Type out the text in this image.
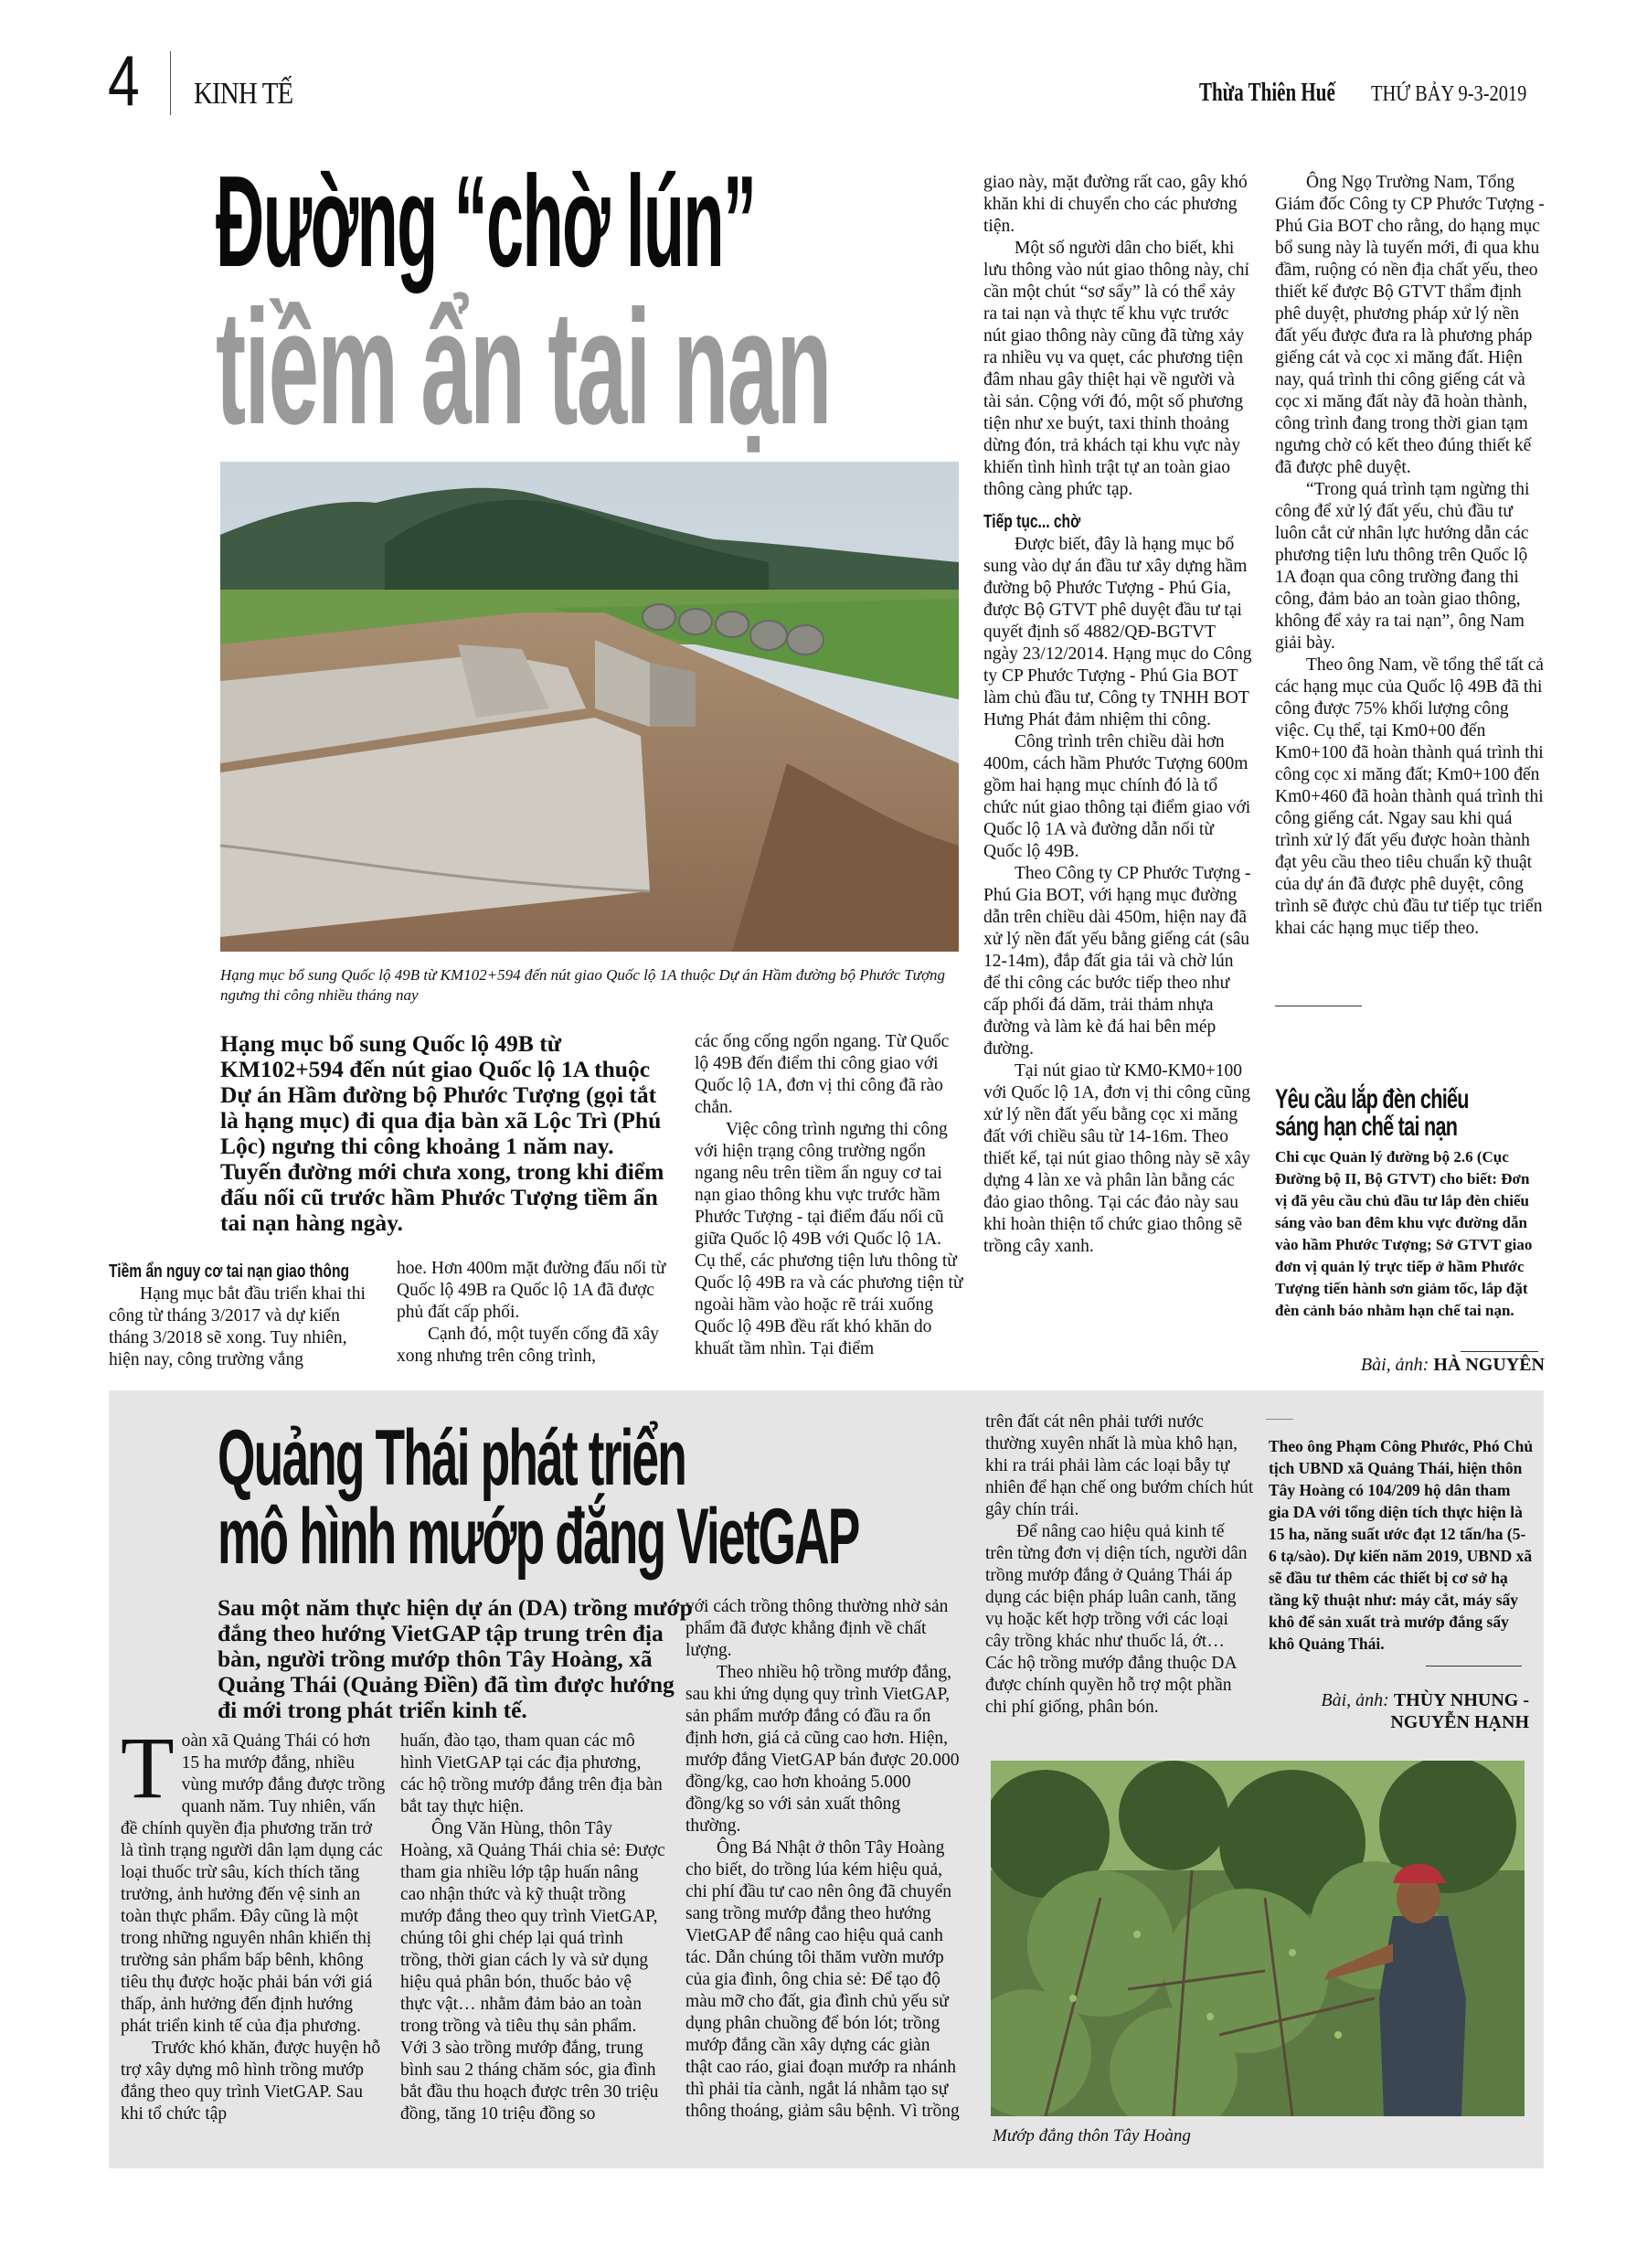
4 KINH TẾ	Thừa Thiên Huế THỨ BẢY 9-3-2019
Đường “chờ lún”
tiềm ẩn tai nạn
Hạng mục bổ sung Quốc lộ 49B từ KM102+594 đến nút giao Quốc lộ 1A thuộc Dự án Hầm đường bộ Phước Tượng ngưng thi công nhiều tháng nay
Hạng mục bổ sung Quốc lộ 49B từ KM102+594 đến nút giao Quốc lộ 1A thuộc Dự án Hầm đường bộ Phước Tượng (gọi tắt là hạng mục) đi qua địa bàn xã Lộc Trì (Phú Lộc) ngưng thi công khoảng 1 năm nay. Tuyến đường mới chưa xong, trong khi điểm đấu nối cũ trước hầm Phước Tượng tiềm ẩn tai nạn hàng ngày.
Tiềm ẩn nguy cơ tai nạn giao thông

Hạng mục bắt đầu triển khai thi công từ tháng 3/2017 và dự kiến tháng 3/2018 sẽ xong. Tuy nhiên, hiện nay, công trường vắng

hoe. Hơn 400m mặt đường đấu nối từ Quốc lộ 49B ra Quốc lộ 1A đã được phủ đất cấp phối.

Cạnh đó, một tuyến cống đã xây xong nhưng trên công trình,

các ống cống ngổn ngang. Từ Quốc lộ 49B đến điểm thi công giao với Quốc lộ 1A, đơn vị thi công đã rào chắn.

Việc công trình ngưng thi công với hiện trạng công trường ngổn ngang nêu trên tiềm ẩn nguy cơ tai nạn giao thông khu vực trước hầm Phước Tượng - tại điểm đấu nối cũ giữa Quốc lộ 49B với Quốc lộ 1A. Cụ thể, các phương tiện lưu thông từ Quốc lộ 49B ra và các phương tiện từ ngoài hầm vào hoặc rẽ trái xuống Quốc lộ 49B đều rất khó khăn do khuất tầm nhìn. Tại điểm

giao này, mặt đường rất cao, gây khó khăn khi di chuyển cho các phương tiện.

Một số người dân cho biết, khi lưu thông vào nút giao thông này, chỉ cần một chút “sơ sẩy” là có thể xảy ra tai nạn và thực tế khu vực trước nút giao thông này cũng đã từng xảy ra nhiều vụ va quẹt, các phương tiện đâm nhau gây thiệt hại về người và tài sản. Cộng với đó, một số phương tiện như xe buýt, taxi thỉnh thoảng dừng đón, trả khách tại khu vực này khiến tình hình trật tự an toàn giao thông càng phức tạp.

Tiếp tục... chờ

Được biết, đây là hạng mục bổ sung vào dự án đầu tư xây dựng hầm đường bộ Phước Tượng - Phú Gia, được Bộ GTVT phê duyệt đầu tư tại quyết định số 4882/QĐ-BGTVT ngày 23/12/2014. Hạng mục do Công ty CP Phước Tượng - Phú Gia BOT làm chủ đầu tư, Công ty TNHH BOT Hưng Phát đảm nhiệm thi công.

Công trình trên chiều dài hơn 400m, cách hầm Phước Tượng 600m gồm hai hạng mục chính đó là tổ chức nút giao thông tại điểm giao với Quốc lộ 1A và đường dẫn nối từ Quốc lộ 49B.

Theo Công ty CP Phước Tượng - Phú Gia BOT, với hạng mục đường dẫn trên chiều dài 450m, hiện nay đã xử lý nền đất yếu bằng giếng cát (sâu 12-14m), đắp đất gia tải và chờ lún để thi công các bước tiếp theo như cấp phối đá dăm, trải thảm nhựa đường và làm kè đá hai bên mép đường.

Tại nút giao từ KM0-KM0+100 với Quốc lộ 1A, đơn vị thi công cũng xử lý nền đất yếu bằng cọc xi măng đất với chiều sâu từ 14-16m. Theo thiết kế, tại nút giao thông này sẽ xây dựng 4 làn xe và phân làn bằng các đảo giao thông. Tại các đảo này sau khi hoàn thiện tổ chức giao thông sẽ trồng cây xanh.

Ông Ngọ Trường Nam, Tổng Giám đốc Công ty CP Phước Tượng - Phú Gia BOT cho rằng, do hạng mục bổ sung này là tuyến mới, đi qua khu đầm, ruộng có nền địa chất yếu, theo thiết kế được Bộ GTVT thẩm định phê duyệt, phương pháp xử lý nền đất yếu được đưa ra là phương pháp giếng cát và cọc xi măng đất. Hiện nay, quá trình thi công giếng cát và cọc xi măng đất này đã hoàn thành, công trình đang trong thời gian tạm ngưng chờ có kết theo đúng thiết kế đã được phê duyệt.

“Trong quá trình tạm ngừng thi công để xử lý đất yếu, chủ đầu tư luôn cắt cử nhân lực hướng dẫn các phương tiện lưu thông trên Quốc lộ 1A đoạn qua công trường đang thi công, đảm bảo an toàn giao thông, không để xảy ra tai nạn”, ông Nam giải bày.

Theo ông Nam, về tổng thể tất cả các hạng mục của Quốc lộ 49B đã thi công được 75% khối lượng công việc. Cụ thể, tại Km0+00 đến Km0+100 đã hoàn thành quá trình thi công cọc xi măng đất; Km0+100 đến Km0+460 đã hoàn thành quá trình thi công giếng cát. Ngay sau khi quá trình xử lý đất yếu được hoàn thành đạt yêu cầu theo tiêu chuẩn kỹ thuật của dự án đã được phê duyệt, công trình sẽ được chủ đầu tư tiếp tục triển khai các hạng mục tiếp theo.

Yêu cầu lắp đèn chiếu
sáng hạn chế tai nạn
Chi cục Quản lý đường bộ 2.6 (Cục Đường bộ II, Bộ GTVT) cho biết: Đơn vị đã yêu cầu chủ đầu tư lắp đèn chiếu sáng vào ban đêm khu vực đường dẫn vào hầm Phước Tượng; Sở GTVT giao đơn vị quản lý trực tiếp ở hầm Phước Tượng tiến hành sơn giảm tốc, lắp đặt đèn cảnh báo nhằm hạn chế tai nạn.
Bài, ảnh: HÀ NGUYÊN
Quảng Thái phát triển
mô hình mướp đắng VietGAP
Sau một năm thực hiện dự án (DA) trồng mướp đắng theo hướng VietGAP tập trung trên địa bàn, người trồng mướp thôn Tây Hoàng, xã Quảng Thái (Quảng Điền) đã tìm được hướng đi mới trong phát triển kinh tế.

Toàn xã Quảng Thái có hơn 15 ha mướp đắng, nhiều vùng mướp đắng được trồng quanh năm. Tuy nhiên, vấn đề chính quyền địa phương trăn trở là tình trạng người dân lạm dụng các loại thuốc trừ sâu, kích thích tăng trưởng, ảnh hưởng đến vệ sinh an toàn thực phẩm. Đây cũng là một trong những nguyên nhân khiến thị trường sản phẩm bấp bênh, không tiêu thụ được hoặc phải bán với giá thấp, ảnh hưởng đến định hướng phát triển kinh tế của địa phương.

Trước khó khăn, được huyện hỗ trợ xây dựng mô hình trồng mướp đắng theo quy trình VietGAP. Sau khi tổ chức tập

huấn, đào tạo, tham quan các mô hình VietGAP tại các địa phương, các hộ trồng mướp đắng trên địa bàn bắt tay thực hiện.

Ông Văn Hùng, thôn Tây Hoàng, xã Quảng Thái chia sẻ: Được tham gia nhiều lớp tập huấn nâng cao nhận thức và kỹ thuật trồng mướp đắng theo quy trình VietGAP, chúng tôi ghi chép lại quá trình trồng, thời gian cách ly và sử dụng hiệu quả phân bón, thuốc bảo vệ thực vật… nhằm đảm bảo an toàn trong trồng và tiêu thụ sản phẩm. Với 3 sào trồng mướp đắng, trung bình sau 2 tháng chăm sóc, gia đình bắt đầu thu hoạch được trên 30 triệu đồng, tăng 10 triệu đồng so

với cách trồng thông thường nhờ sản phẩm đã được khẳng định về chất lượng.

Theo nhiều hộ trồng mướp đắng, sau khi ứng dụng quy trình VietGAP, sản phẩm mướp đắng có đầu ra ổn định hơn, giá cả cũng cao hơn. Hiện, mướp đắng VietGAP bán được 20.000 đồng/kg, cao hơn khoảng 5.000 đồng/kg so với sản xuất thông thường.

Ông Bá Nhật ở thôn Tây Hoàng cho biết, do trồng lúa kém hiệu quả, chi phí đầu tư cao nên ông đã chuyển sang trồng mướp đắng theo hướng VietGAP để nâng cao hiệu quả canh tác. Dẫn chúng tôi thăm vườn mướp của gia đình, ông chia sẻ: Để tạo độ màu mỡ cho đất, gia đình chủ yếu sử dụng phân chuồng để bón lót; trồng mướp đắng cần xây dựng các giàn thật cao ráo, giai đoạn mướp ra nhánh thì phải tỉa cành, ngắt lá nhằm tạo sự thông thoáng, giảm sâu bệnh. Vì trồng

trên đất cát nên phải tưới nước thường xuyên nhất là mùa khô hạn, khi ra trái phải làm các loại bẫy tự nhiên để hạn chế ong bướm chích hút gây chín trái.

Để nâng cao hiệu quả kinh tế trên từng đơn vị diện tích, người dân trồng mướp đắng ở Quảng Thái áp dụng các biện pháp luân canh, tăng vụ hoặc kết hợp trồng với các loại cây trồng khác như thuốc lá, ớt… Các hộ trồng mướp đắng thuộc DA được chính quyền hỗ trợ một phần chi phí giống, phân bón.

Theo ông Phạm Công Phước, Phó Chủ tịch UBND xã Quảng Thái, hiện thôn Tây Hoàng có 104/209 hộ dân tham gia DA với tổng diện tích thực hiện là 15 ha, năng suất ước đạt 12 tấn/ha (5-6 tạ/sào). Dự kiến năm 2019, UBND xã sẽ đầu tư thêm các thiết bị cơ sở hạ tầng kỹ thuật như: máy cắt, máy sấy khô để sản xuất trà mướp đắng sấy khô Quảng Thái.
Bài, ảnh: THÙY NHUNG -
NGUYỄN HẠNH
Mướp đắng thôn Tây Hoàng
